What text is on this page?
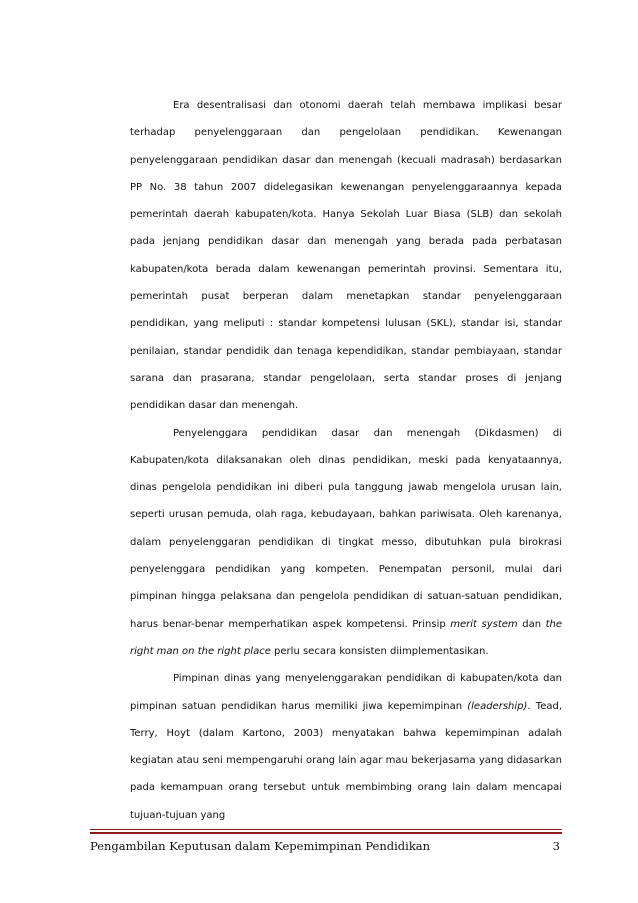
Era desentralisasi dan otonomi daerah telah membawa implikasi besar terhadap penyelenggaraan dan pengelolaan pendidikan. Kewenangan penyelenggaraan pendidikan dasar dan menengah (kecuali madrasah) berdasarkan PP No. 38 tahun 2007 didelegasikan kewenangan penyelenggaraannya kepada pemerintah daerah kabupaten/kota. Hanya Sekolah Luar Biasa (SLB) dan sekolah pada jenjang pendidikan dasar dan menengah yang berada pada perbatasan kabupaten/kota berada dalam kewenangan pemerintah provinsi. Sementara itu, pemerintah pusat berperan dalam menetapkan standar penyelenggaraan pendidikan, yang meliputi : standar kompetensi lulusan (SKL), standar isi, standar penilaian, standar pendidik dan tenaga kependidikan, standar pembiayaan, standar sarana dan prasarana, standar pengelolaan, serta standar proses di jenjang pendidikan dasar dan menengah.

Penyelenggara pendidikan dasar dan menengah (Dikdasmen) di Kabupaten/kota dilaksanakan oleh dinas pendidikan, meski pada kenyataannya, dinas pengelola pendidikan ini diberi pula tanggung jawab mengelola urusan lain, seperti urusan pemuda, olah raga, kebudayaan, bahkan pariwisata. Oleh karenanya, dalam penyelenggaran pendidikan di tingkat messo, dibutuhkan pula birokrasi penyelenggara pendidikan yang kompeten. Penempatan personil, mulai dari pimpinan hingga pelaksana dan pengelola pendidikan di satuan-satuan pendidikan, harus benar-benar memperhatikan aspek kompetensi. Prinsip merit system dan the right man on the right place perlu secara konsisten diimplementasikan.

Pimpinan dinas yang menyelenggarakan pendidikan di kabupaten/kota dan pimpinan satuan pendidikan harus memiliki jiwa kepemimpinan (leadership). Tead, Terry, Hoyt (dalam Kartono, 2003) menyatakan bahwa kepemimpinan adalah kegiatan atau seni mempengaruhi orang lain agar mau bekerjasama yang didasarkan pada kemampuan orang tersebut untuk membimbing orang lain dalam mencapai tujuan-tujuan yang

Pengambilan Keputusan dalam Kepemimpinan Pendidikan	3
